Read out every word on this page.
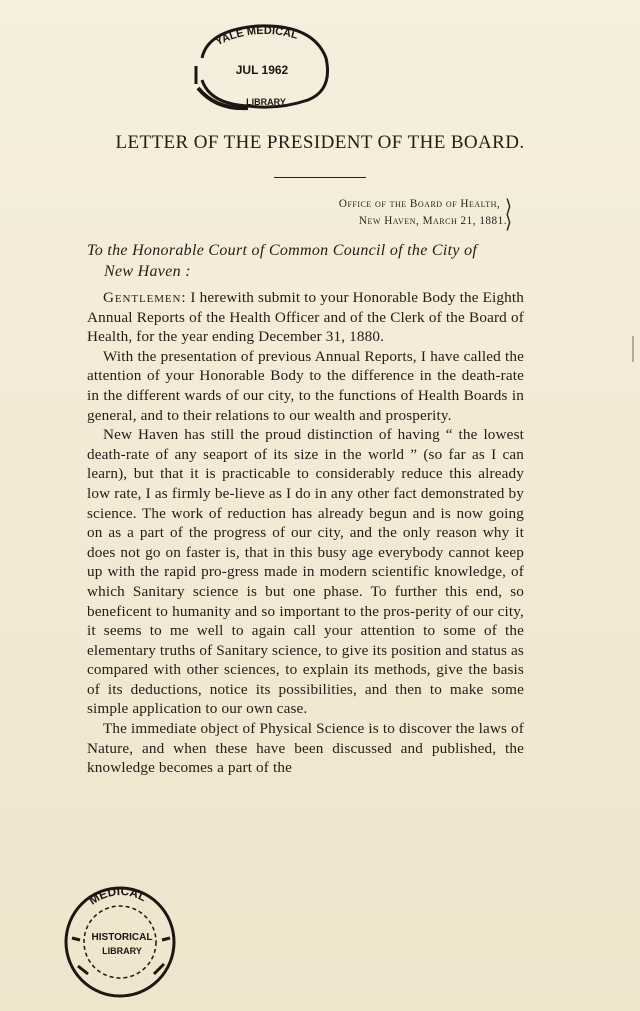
YALE MEDICAL
JUL 1962
LIBRARY
LETTER OF THE PRESIDENT OF THE BOARD.
Office of the Board of Health,
New Haven, March 21, 1881.
⟩
⟩
To the Honorable Court of Common Council of the City of
New Haven :

Gentlemen: I herewith submit to your Honorable Body the Eighth Annual Reports of the Health Officer and of the Clerk of the Board of Health, for the year ending December 31, 1880.

With the presentation of previous Annual Reports, I have called the attention of your Honorable Body to the difference in the death-rate in the different wards of our city, to the functions of Health Boards in general, and to their relations to our wealth and prosperity.

New Haven has still the proud distinction of having “ the lowest death-rate of any seaport of its size in the world ” (so far as I can learn), but that it is practicable to considerably reduce this already low rate, I as firmly be-lieve as I do in any other fact demonstrated by science. The work of reduction has already begun and is now going on as a part of the progress of our city, and the only reason why it does not go on faster is, that in this busy age everybody cannot keep up with the rapid pro-gress made in modern scientific knowledge, of which Sanitary science is but one phase. To further this end, so beneficent to humanity and so important to the pros-perity of our city, it seems to me well to again call your attention to some of the elementary truths of Sanitary science, to give its position and status as compared with other sciences, to explain its methods, give the basis of its deductions, notice its possibilities, and then to make some simple application to our own case.

The immediate object of Physical Science is to discover the laws of Nature, and when these have been discussed and published, the knowledge becomes a part of the

MEDICAL
HISTORICAL
LIBRARY
